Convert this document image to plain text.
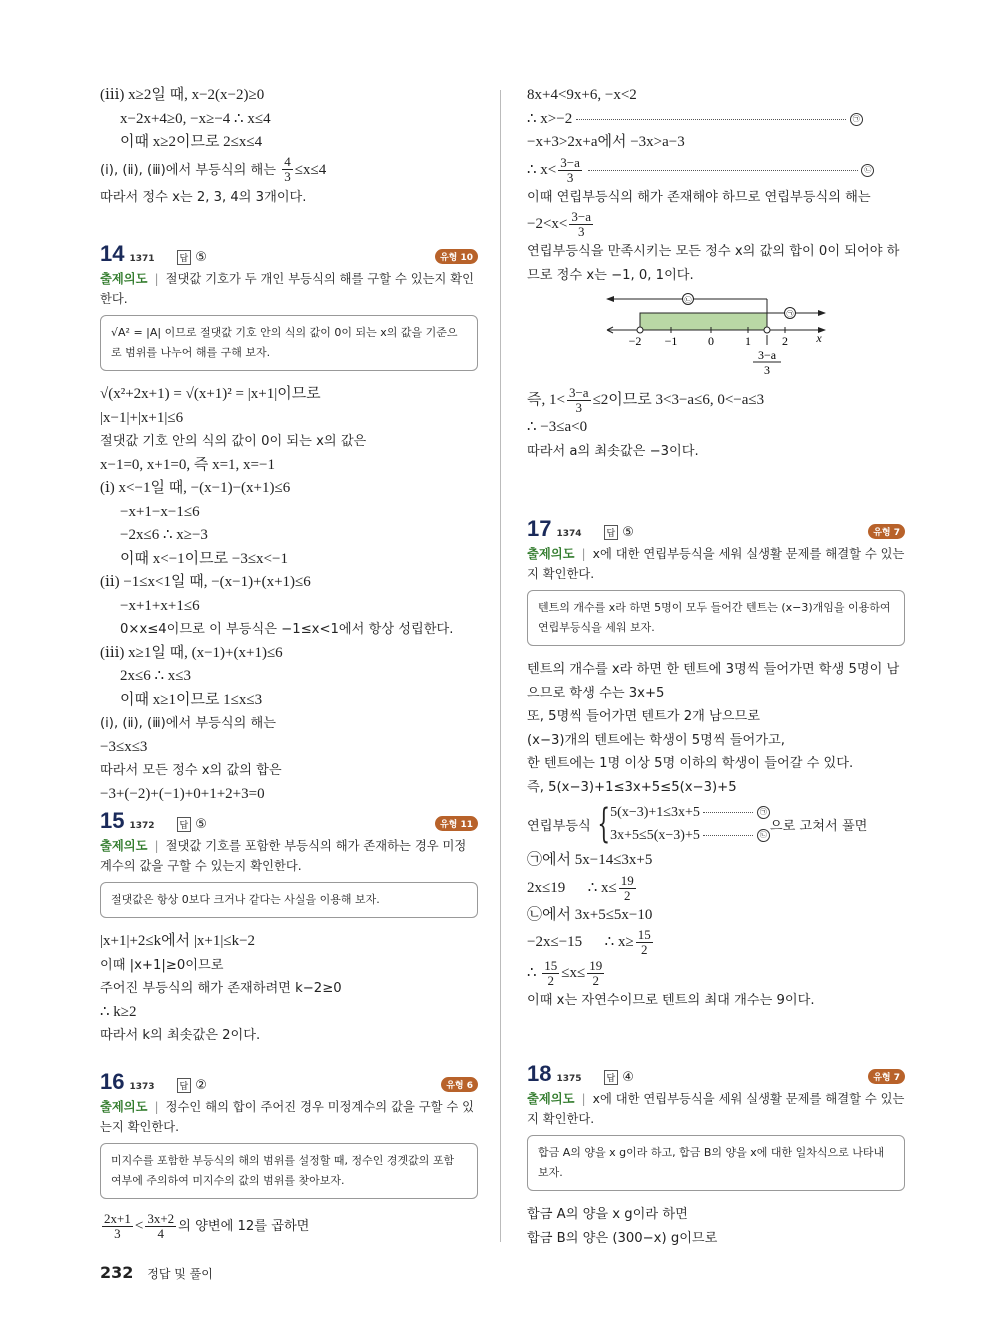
(ⅲ) x≥2일 때, x−2(x−2)≥0
x−2x+4≥0, −x≥−4 ∴ x≤4
이때 x≥2이므로 2≤x≤4
(ⅰ), (ⅱ), (ⅲ)에서 부등식의 해는 $\frac{4}{3} \le x\le 4$
따라서 정수 x는 2, 3, 4의 3개이다.
14 1371	답 ⑤	유형 10
출제의도 | 절댓값 기호가 두 개인 부등식의 해를 구할 수 있는지 확인한다.
√A² = |A| 이므로 절댓값 기호 안의 식의 값이 0이 되는 x의 값을 기준으로 범위를 나누어 해를 구해 보자.
√(x²+2x+1) = √(x+1)² = |x+1|이므로
|x−1|+|x+1|≤6
절댓값 기호 안의 식의 값이 0이 되는 x의 값은
x−1=0, x+1=0, 즉 x=1, x=−1
(ⅰ) x<−1일 때, −(x−1)−(x+1)≤6
−x+1−x−1≤6
−2x≤6 ∴ x≥−3
이때 x<−1이므로 −3≤x<−1
(ⅱ) −1≤x<1일 때, −(x−1)+(x+1)≤6
−x+1+x+1≤6
0×x≤4이므로 이 부등식은 −1≤x<1에서 항상 성립한다.
(ⅲ) x≥1일 때, (x−1)+(x+1)≤6
2x≤6 ∴ x≤3
이때 x≥1이므로 1≤x≤3
(ⅰ), (ⅱ), (ⅲ)에서 부등식의 해는
−3≤x≤3
따라서 모든 정수 x의 값의 합은
−3+(−2)+(−1)+0+1+2+3=0
15 1372	답 ⑤	유형 11
출제의도 | 절댓값 기호를 포함한 부등식의 해가 존재하는 경우 미정계수의 값을 구할 수 있는지 확인한다.
절댓값은 항상 0보다 크거나 같다는 사실을 이용해 보자.
|x+1|+2≤k에서 |x+1|≤k−2
이때 |x+1|≥0이므로
주어진 부등식의 해가 존재하려면 k−2≥0
∴ k≥2
따라서 k의 최솟값은 2이다.
16 1373	답 ②	유형 6
출제의도 | 정수인 해의 합이 주어진 경우 미정계수의 값을 구할 수 있는지 확인한다.
미지수를 포함한 부등식의 해의 범위를 설정할 때, 정수인 경곗값의 포함 여부에 주의하여 미지수의 값의 범위를 찾아보자.
$\frac{2x+1}{3} < \frac{3x+2}{4}$ 의 양변에 12를 곱하면
8x+4<9x+6, −x<2
∴ x>−2	㉠
−x+3>2x+a에서 −3x>a−3
∴ $x< \frac{3-a}{3}$	㉡
이때 연립부등식의 해가 존재해야 하므로 연립부등식의 해는
$-2<x< \frac{3-a}{3}$
연립부등식을 만족시키는 모든 정수 x의 값의 합이 0이 되어야 하
므로 정수 x는 −1, 0, 1이다.
㉡
㉠
−2 −1	0	1	2 x
3−a
3
즉, $1< \frac{3-a}{3} \le 2$이므로 3<3−a≤6, 0<−a≤3
∴ −3≤a<0
따라서 a의 최솟값은 −3이다.
17 1374	답 ⑤	유형 7
출제의도 | x에 대한 연립부등식을 세워 실생활 문제를 해결할 수 있는지 확인한다.
텐트의 개수를 x라 하면 5명이 모두 들어간 텐트는 (x−3)개임을 이용하여 연립부등식을 세워 보자.
텐트의 개수를 x라 하면 한 텐트에 3명씩 들어가면 학생 5명이 남
으므로 학생 수는 3x+5
또, 5명씩 들어가면 텐트가 2개 남으므로
(x−3)개의 텐트에는 학생이 5명씩 들어가고,
한 텐트에는 1명 이상 5명 이하의 학생이 들어갈 수 있다.
즉, 5(x−3)+1≤3x+5≤5(x−3)+5
연립부등식 { 5(x−3)+1≤3x+5	㉠
3x+5≤5(x−3)+5	㉡
으로 고쳐서 풀면
㉠에서 5x−14≤3x+5
2x≤19      ∴ $x\le \frac{19}{2}$
㉡에서 3x+5≤5x−10
−2x≤−15      ∴ $x\ge \frac{15}{2}$
∴ $\frac{15}{2} \le x\le \frac{19}{2}$
이때 x는 자연수이므로 텐트의 최대 개수는 9이다.
18 1375	답 ④	유형 7
출제의도 | x에 대한 연립부등식을 세워 실생활 문제를 해결할 수 있는지 확인한다.
합금 A의 양을 x g이라 하고, 합금 B의 양을 x에 대한 일차식으로 나타내 보자.
합금 A의 양을 x g이라 하면
합금 B의 양은 (300−x) g이므로
232 정답 및 풀이
